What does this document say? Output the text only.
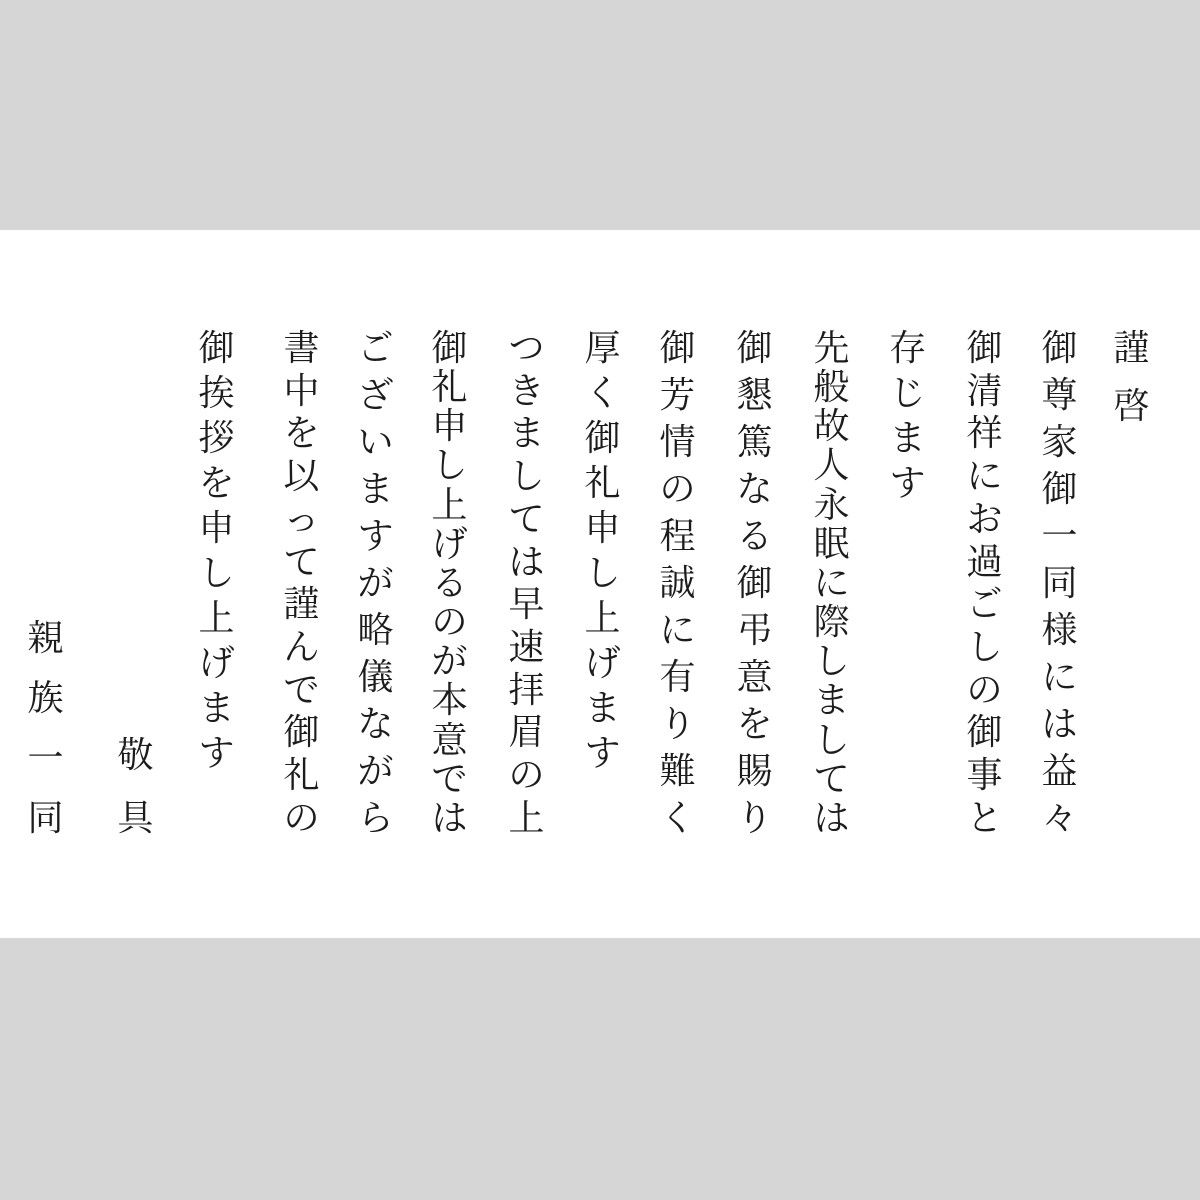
謹
啓
御
尊
家
御
一
同
様
に
は
益
々
御
清
祥
に
お
過
ご
し
の
御
事
と
存
じ
ま
す
先
般
故
人
永
眠
に
際
し
ま
し
て
は
御
懇
篤
な
る
御
弔
意
を
賜
り
御
芳
情
の
程
誠
に
有
り
難
く
厚
く
御
礼
申
し
上
げ
ま
す
つ
き
ま
し
て
は
早
速
拝
眉
の
上
御
礼
申
し
上
げ
る
の
が
本
意
で
は
ご
ざ
い
ま
す
が
略
儀
な
が
ら
書
中
を
以
っ
て
謹
ん
で
御
礼
の
御
挨
拶
を
申
し
上
げ
ま
す
敬
具
親
族
一
同
